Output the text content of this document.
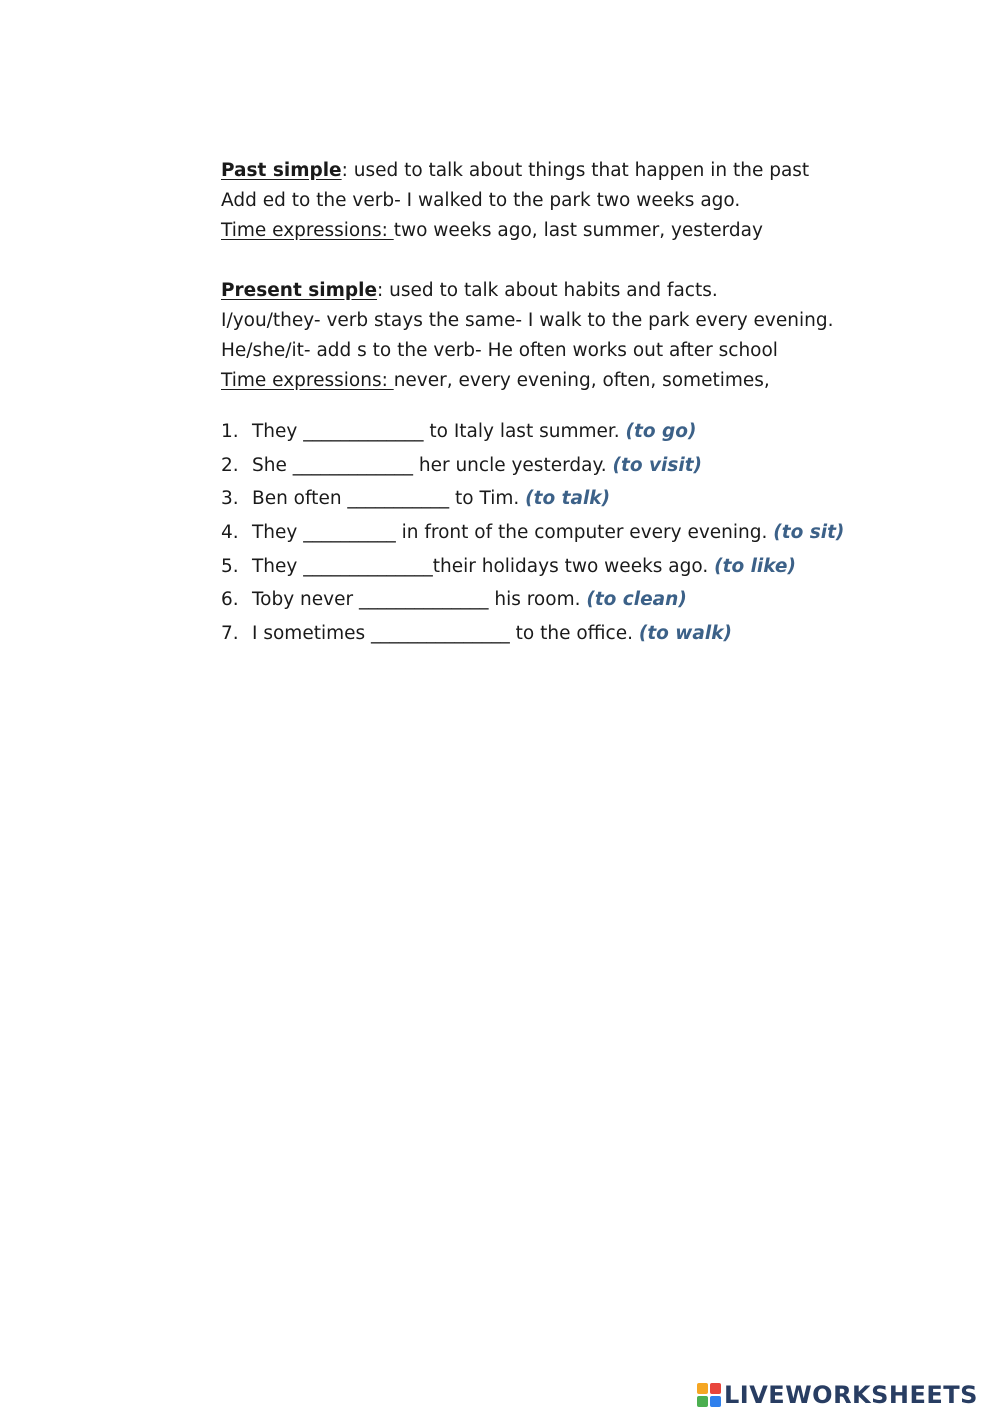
Past simple: used to talk about things that happen in the past
Add ed to the verb- I walked to the park two weeks ago.
Time expressions: two weeks ago, last summer, yesterday
Present simple: used to talk about habits and facts.
I/you/they- verb stays the same- I walk to the park every evening.
He/she/it- add s to the verb- He often works out after school
Time expressions: never, every evening, often, sometimes,
1. They _____________ to Italy last summer. (to go)
2. She _____________ her uncle yesterday. (to visit)
3. Ben often ___________ to Tim. (to talk)
4. They __________ in front of the computer every evening. (to sit)
5. They ______________their holidays two weeks ago. (to like)
6. Toby never ______________ his room. (to clean)
7. I sometimes _______________ to the office. (to walk)
LIVEWORKSHEETS
